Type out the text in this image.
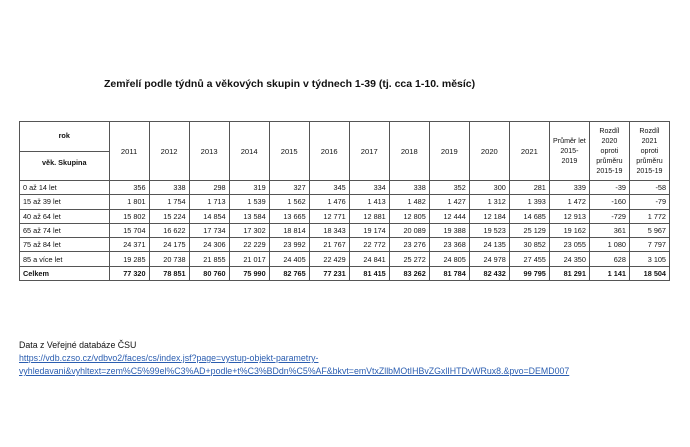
Zemřelí podle týdnů a věkových skupin v týdnech 1-39 (tj. cca 1-10. měsíc)
rok
věk. Skupina	2011	2012	2013	2014	2015	2016	2017	2018	2019	2020	2021	Průměr let 2015-2019	Rozdíl 2020 oproti průměru 2015-19	Rozdíl 2021 oproti průměru 2015-19
0 až 14 let	356	338	298	319	327	345	334	338	352	300	281	339	-39	-58
15 až 39 let	1 801	1 754	1 713	1 539	1 562	1 476	1 413	1 482	1 427	1 312	1 393	1 472	-160	-79
40 až 64 let	15 802	15 224	14 854	13 584	13 665	12 771	12 881	12 805	12 444	12 184	14 685	12 913	-729	1 772
65 až 74 let	15 704	16 622	17 734	17 302	18 814	18 343	19 174	20 089	19 388	19 523	25 129	19 162	361	5 967
75 až 84 let	24 371	24 175	24 306	22 229	23 992	21 767	22 772	23 276	23 368	24 135	30 852	23 055	1 080	7 797
85 a více let	19 285	20 738	21 855	21 017	24 405	22 429	24 841	25 272	24 805	24 978	27 455	24 350	628	3 105
Celkem	77 320	78 851	80 760	75 990	82 765	77 231	81 415	83 262	81 784	82 432	99 795	81 291	1 141	18 504
Data z Veřejné databáze ČSU
https://vdb.czso.cz/vdbvo2/faces/cs/index.jsf?page=vystup-objekt-parametry-
vyhledavani&vyhltext=zem%C5%99el%C3%AD+podle+t%C3%BDdn%C5%AF&bkvt=emVtxZllbMOtIHBvZGxlIHTDvWRux8.&pvo=DEMD007
